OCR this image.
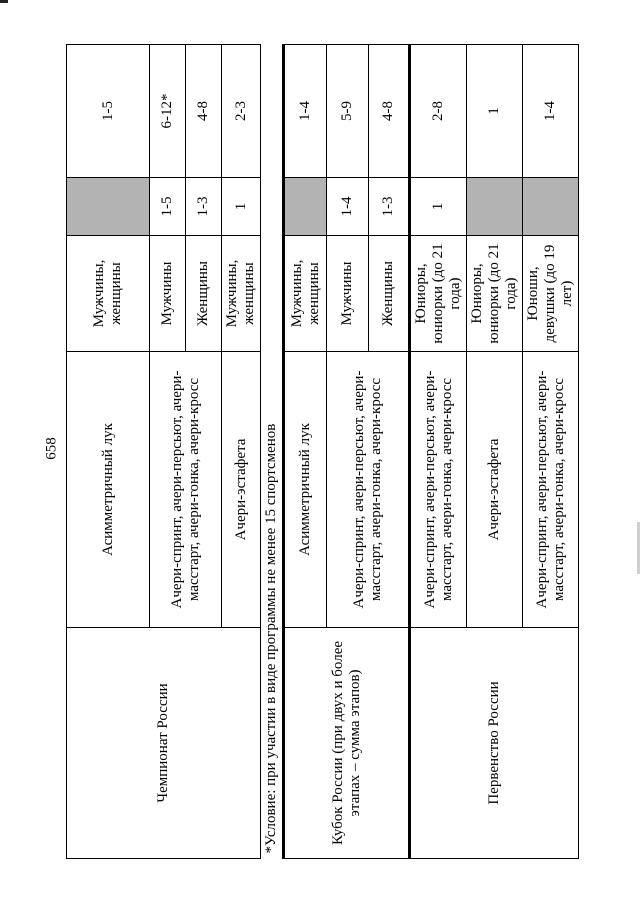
658
Чемпионат России	Асимметричный лук	Мужчины, женщины		1-5
	Ачери-спринт, ачери-персьют, ачери-масстарт, ачери-гонка, ачери-кросс	Мужчины	1-5	6-12*
		Женщины	1-3	4-8
	Ачери-эстафета	Мужчины, женщины	1	2-3
*Условие: при участии в виде программы не менее 15 спортсменов				
Кубок России (при двух и более этапах – сумма этапов)	Асимметричный лук	Мужчины, женщины		1-4
	Ачери-спринт, ачери-персьют, ачери-масстарт, ачери-гонка, ачери-кросс	Мужчины	1-4	5-9
		Женщины	1-3	4-8
Первенство России	Ачери-спринт, ачери-персьют, ачери-масстарт, ачери-гонка, ачери-кросс	Юниоры, юниорки (до 21 года)	1	2-8
	Ачери-эстафета	Юниоры, юниорки (до 21 года)		1
	Ачери-спринт, ачери-персьют, ачери-масстарт, ачери-гонка, ачери-кросс	Юноши, девушки (до 19 лет)		1-4
